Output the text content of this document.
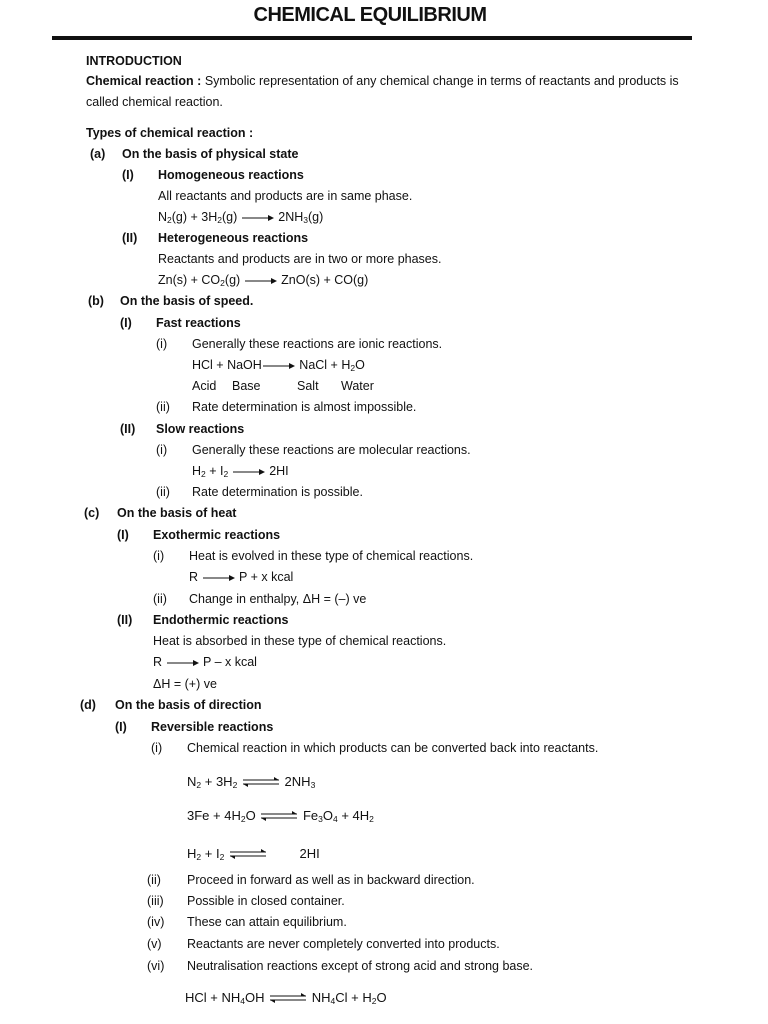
CHEMICAL EQUILIBRIUM
INTRODUCTION
Chemical reaction : Symbolic representation of any chemical change in terms of reactants and products is
called chemical reaction.
Types of chemical reaction :
(a) On the basis of physical state
(I) Homogeneous reactions
All reactants and products are in same phase.
$N_2(g) + 3H_2(g)$	$2NH_3(g)$
(II) Heterogeneous reactions
Reactants and products are in two or more phases.
$Zn(s) + CO_2(g)$	ZnO(s) + CO(g)
(b) On the basis of speed.
(I) Fast reactions
(i) Generally these reactions are ionic reactions.
HCl + NaOH	NaCl + $H_2O$
Acid Base	Salt Water
(ii) Rate determination is almost impossible.
(II) Slow reactions
(i) Generally these reactions are molecular reactions.
$H_2 + I_2$	2HI
(ii) Rate determination is possible.
(c) On the basis of heat
(I) Exothermic reactions
(i) Heat is evolved in these type of chemical reactions.
R	P + x kcal
(ii) Change in enthalpy, ΔH = (–) ve
(II) Endothermic reactions
Heat is absorbed in these type of chemical reactions.
R	P – x kcal
ΔH = (+) ve
(d) On the basis of direction
(I) Reversible reactions
(i) Chemical reaction in which products can be converted back into reactants.
$N_2 + 3H_2$ ⇌ $2NH_3$
$3Fe + 4H_2O$ ⇌ $Fe_3O_4 + 4H_2$
$H_2 + I_2$ ⇌ 2HI
(ii) Proceed in forward as well as in backward direction.
(iii) Possible in closed container.
(iv) These can attain equilibrium.
(v) Reactants are never completely converted into products.
(vi) Neutralisation reactions except of strong acid and strong base.
HCl + $NH_4OH$ ⇌ $NH_4Cl + H_2O$
